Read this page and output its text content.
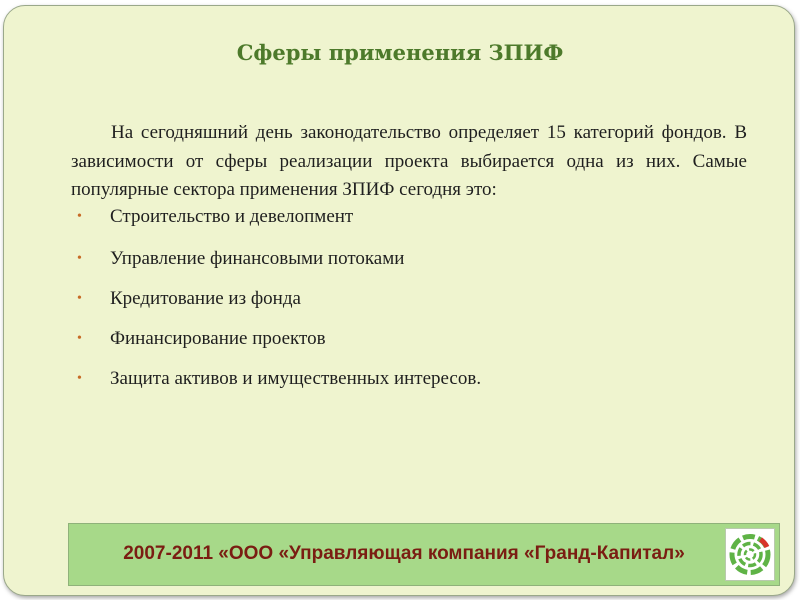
Сферы применения ЗПИФ

На сегодняшний день законодательство определяет 15 категорий фондов. В зависимости от сферы реализации проекта выбирается одна из них. Самые популярные сектора применения ЗПИФ сегодня это:

• Строительство и девелопмент
• Управление финансовыми потоками
• Кредитование из фонда
• Финансирование проектов
• Защита активов и имущественных интересов.
2007-2011 «ООО «Управляющая компания «Гранд-Капитал»
